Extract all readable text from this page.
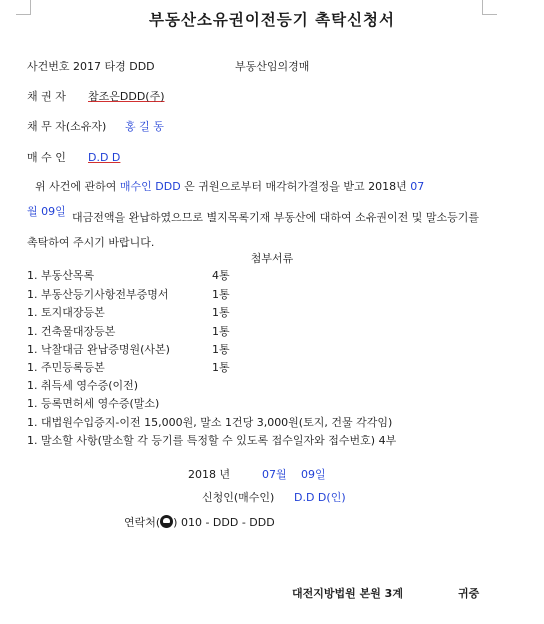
부동산소유권이전등기 촉탁신청서
사건번호 2017 타경 DDD	부동산임의경매
채 권 자 참조은DDD(주)
채 무 자(소유자) 홍 길 동
매 수 인 D.D D
위 사건에 관하여 매수인 DDD 은 귀원으로부터 매각허가결정을 받고 2018년 07
월 09일 대금전액을 완납하였으므로 별지목록기재 부동산에 대하여 소유권이전 및 말소등기를 촉탁하여 주시기 바랍니다.
첨부서류
1. 부동산목록	4통
1. 부동산등기사항전부증명서	1통
1. 토지대장등본	1통
1. 건축물대장등본	1통
1. 낙찰대금 완납증명원(사본)	1통
1. 주민등록등본	1통
1. 취득세 영수증(이전)
1. 등록면허세 영수증(말소)
1. 대법원수입증지-이전 15,000원, 말소 1건당 3,000원(토지, 건물 각각임)
1. 말소할 사항(말소할 각 등기를 특정할 수 있도록 접수일자와 접수번호) 4부
2018 년	07월 09일
신청인(매수인) D.D D(인)
연락처( ) 010 - DDD - DDD
대전지방법원 본원 3계	귀중
